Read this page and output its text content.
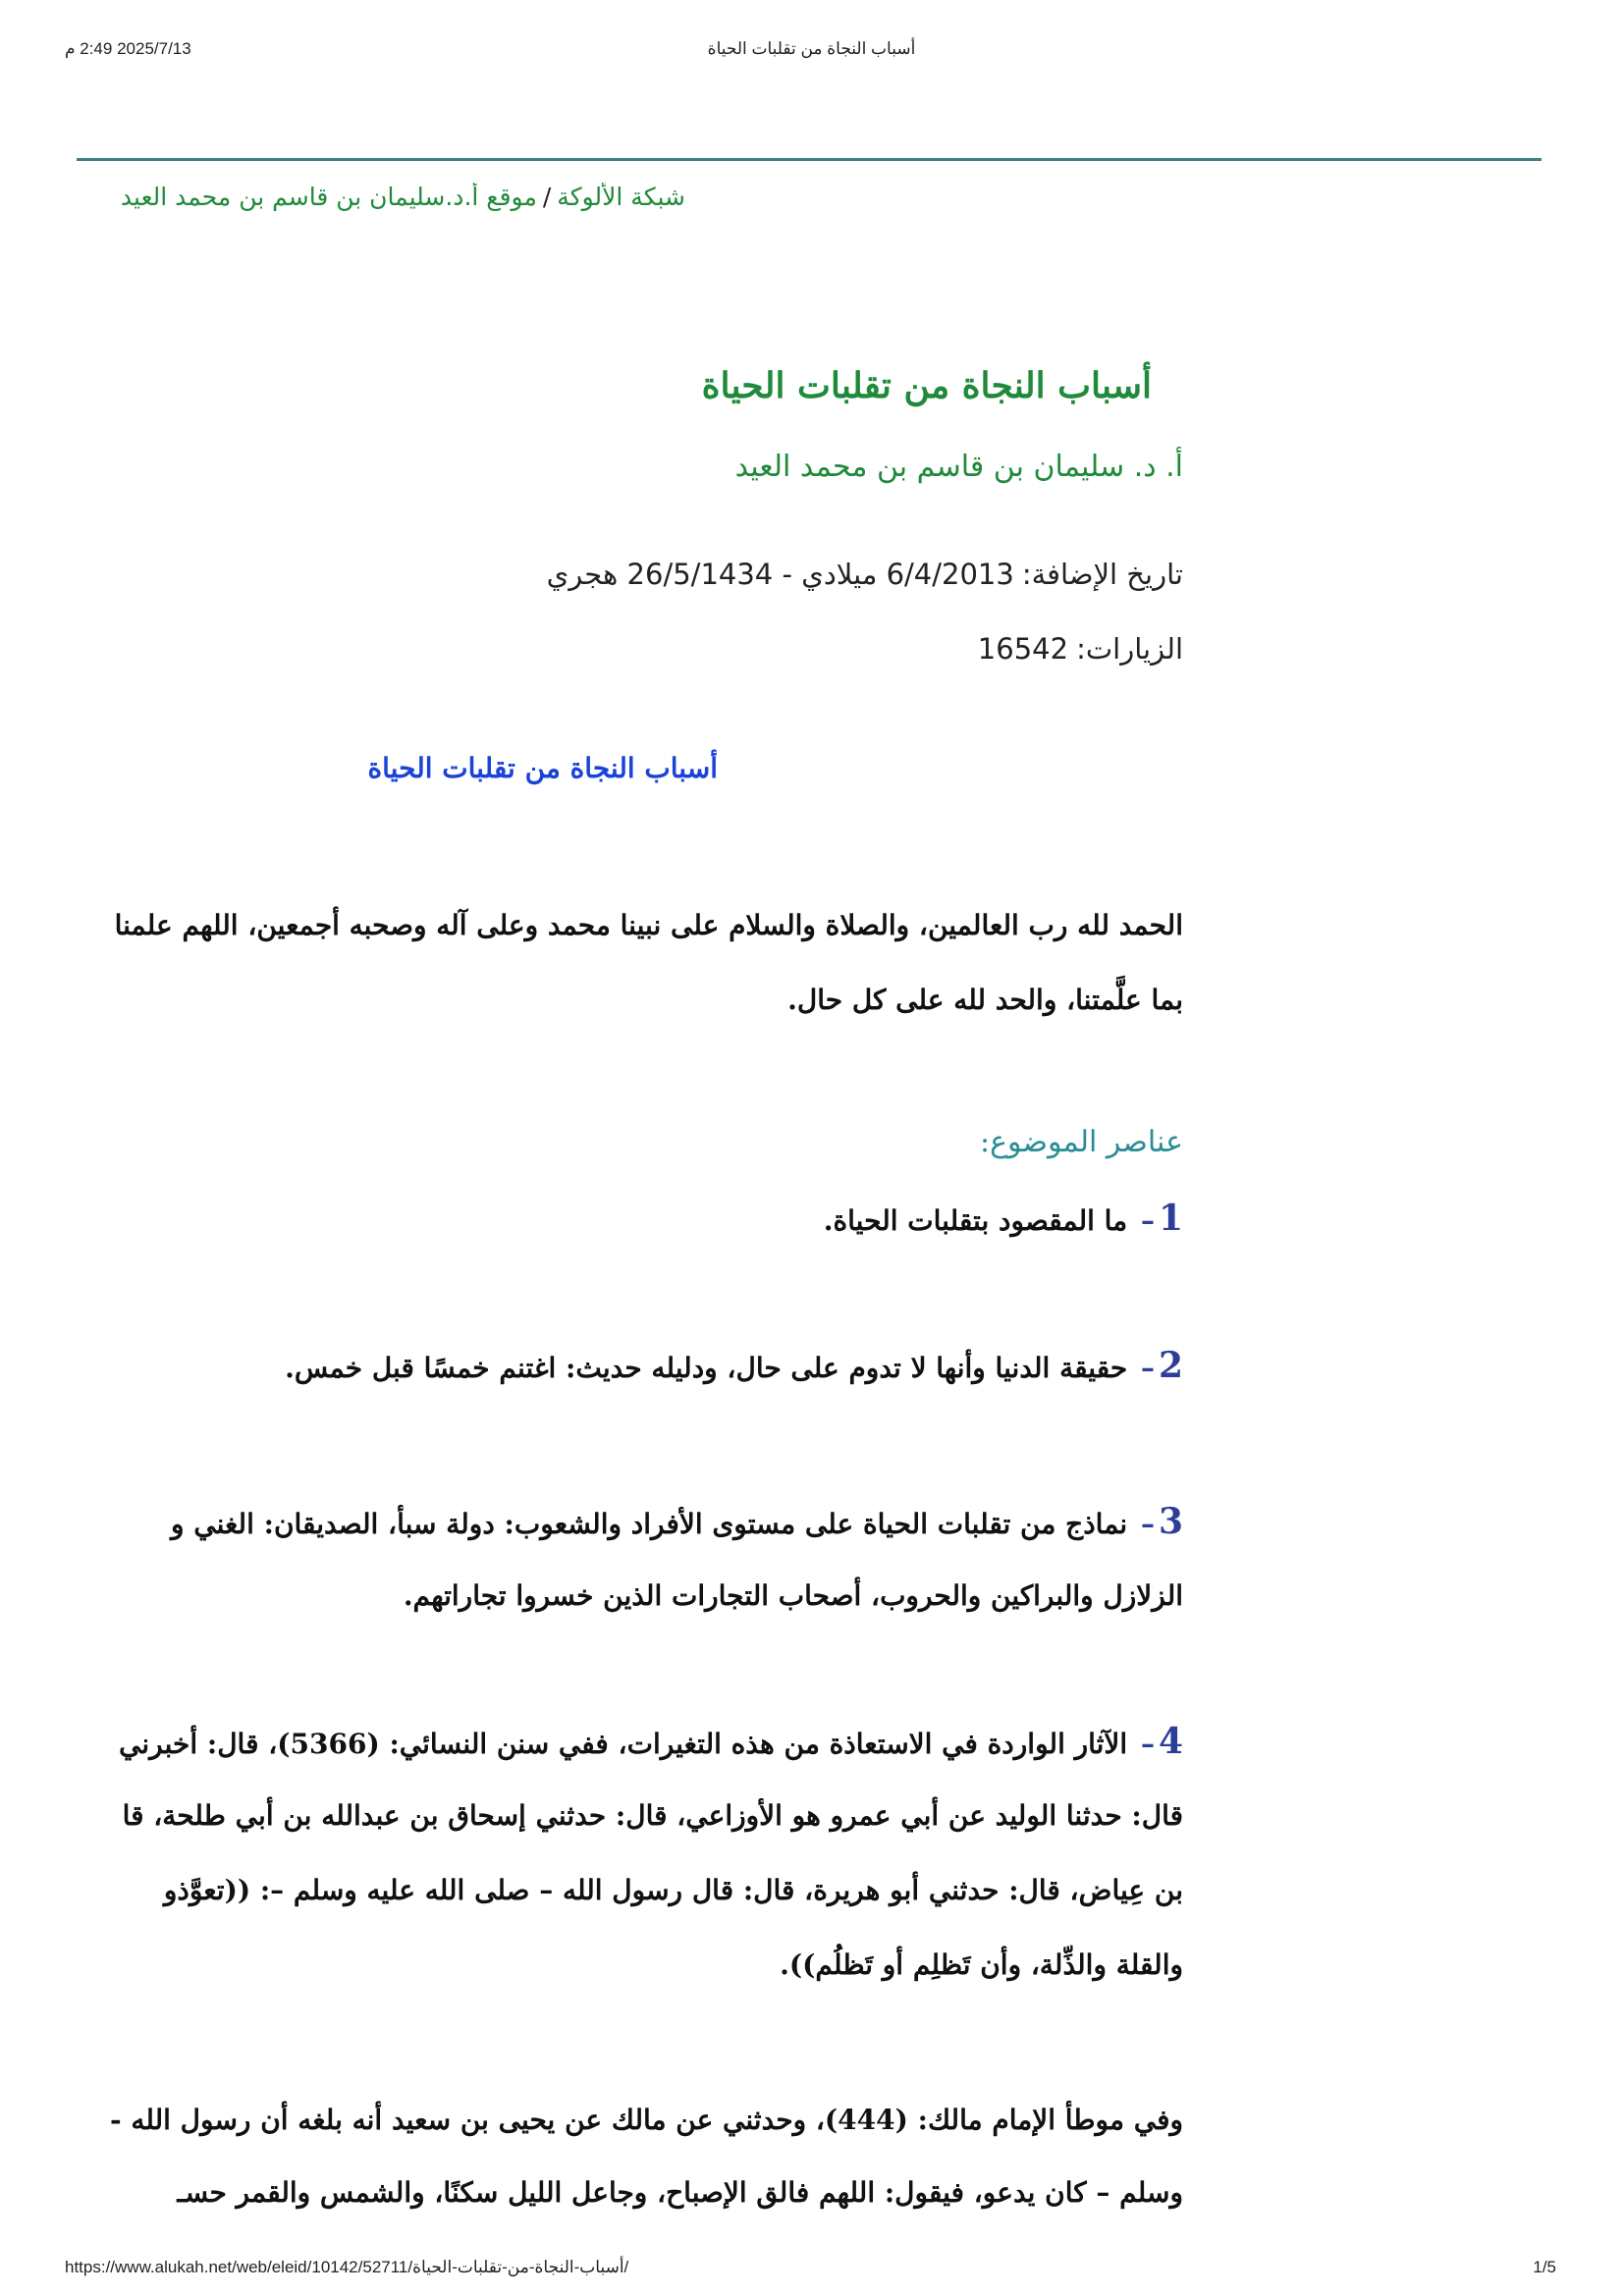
2025/7/13 2:49 م	أسباب النجاة من تقلبات الحياة
شبكة الألوكة/موقع أ.د.سليمان بن قاسم بن محمد العيد
أسباب النجاة من تقلبات الحياة
أ. د. سليمان بن قاسم بن محمد العيد
تاريخ الإضافة:6/4/2013 ميلادي - 26/5/1434 هجري
الزيارات:16542
أسباب النجاة من تقلبات الحياة
الحمد لله رب العالمين، والصلاة والسلام على نبينا محمد وعلى آله وصحبه أجمعين، اللهم علمنا
بما علَّمتنا، والحد لله على كل حال.
عناصر الموضوع:
1– ما المقصود بتقلبات الحياة.
2– حقيقة الدنيا وأنها لا تدوم على حال، ودليله حديث: اغتنم خمسًا قبل خمس.
3– نماذج من تقلبات الحياة على مستوى الأفراد والشعوب: دولة سبأ، الصديقان: الغني و
الزلازل والبراكين والحروب، أصحاب التجارات الذين خسروا تجاراتهم.
4– الآثار الواردة في الاستعاذة من هذه التغيرات، ففي سنن النسائي: (5366)، قال: أخبرني
قال: حدثنا الوليد عن أبي عمرو هو الأوزاعي، قال: حدثني إسحاق بن عبدالله بن أبي طلحة، قا
بن عِياض، قال: حدثني أبو هريرة، قال: قال رسول الله – صلى الله عليه وسلم –: ((تعوَّذو
والقلة والذِّلة، وأن تَظلِم أو تَظلُم)).
وفي موطأ الإمام مالك: (444)، وحدثني عن مالك عن يحيى بن سعيد أنه بلغه أن رسول الله -
وسلم – كان يدعو، فيقول: اللهم فالق الإصباح، وجاعل الليل سكنًا، والشمس والقمر حسـ
https://www.alukah.net/web/eleid/10142/52711/أسباب-النجاة-من-تقلبات-الحياة/	1/5
